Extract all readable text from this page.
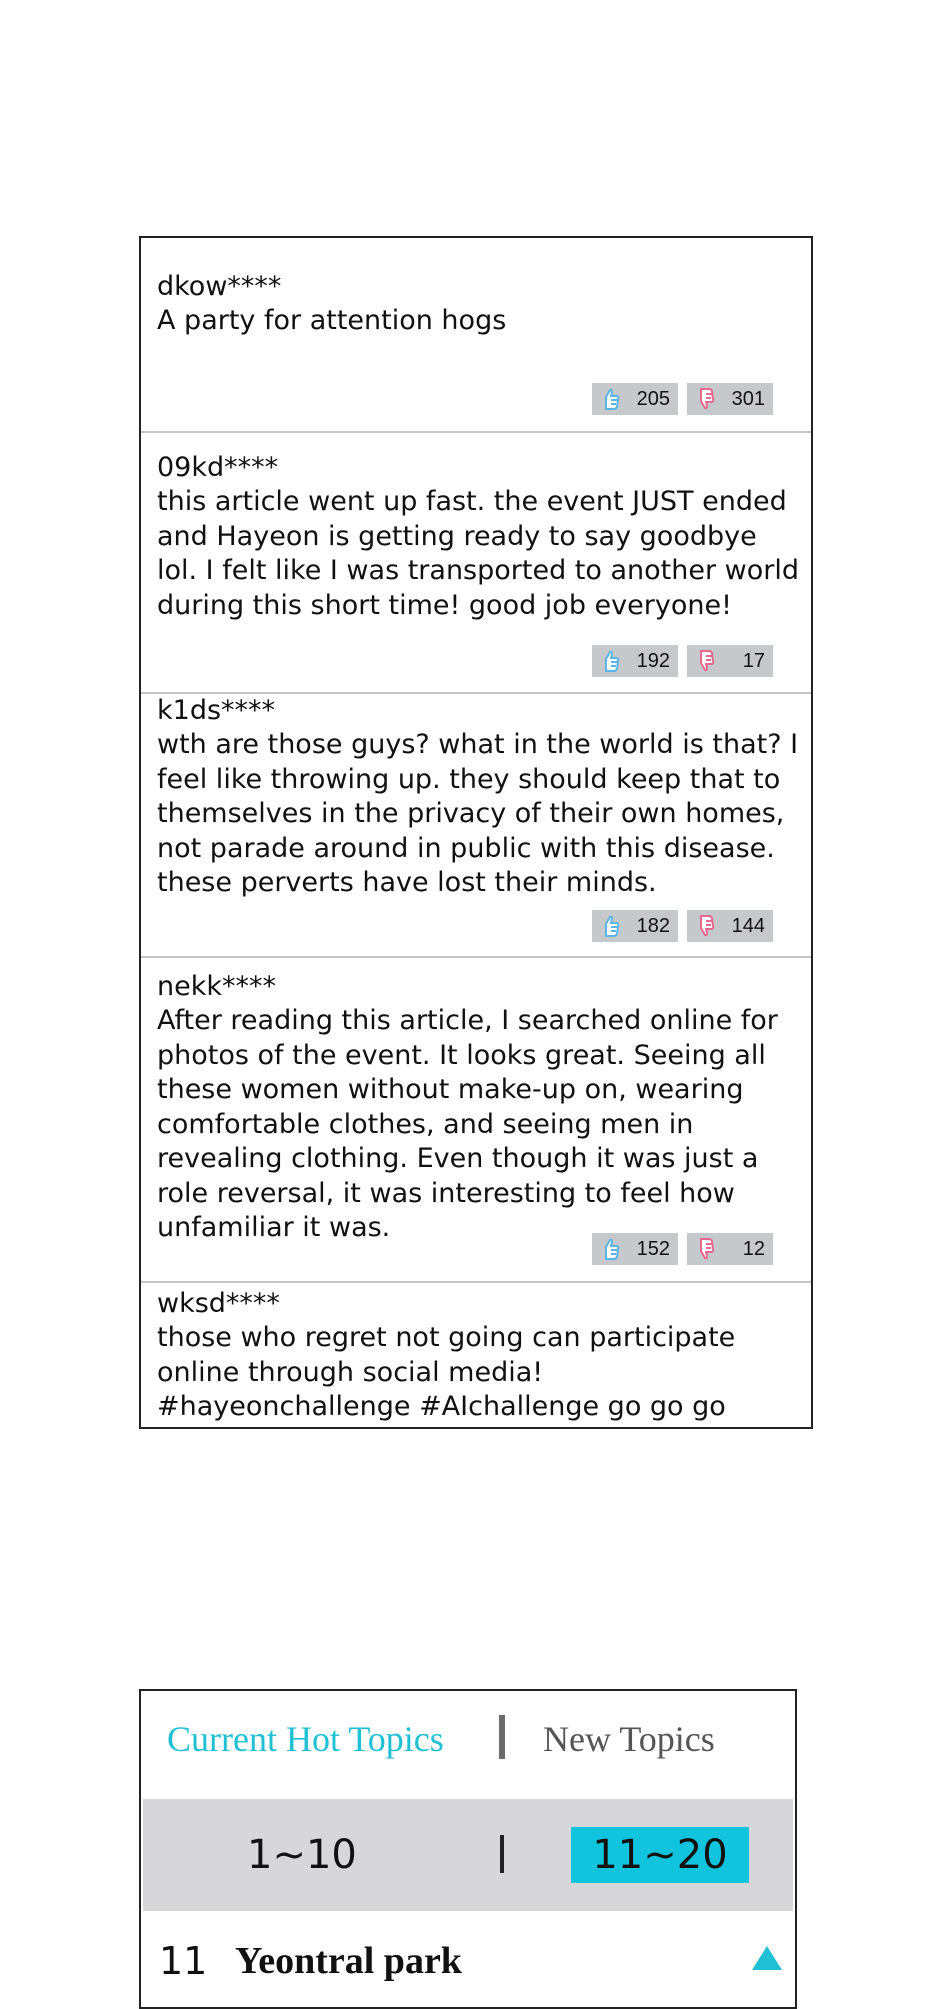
dkow****
A party for attention hogs
205	301
09kd****
this article went up fast. the event JUST ended and Hayeon is getting ready to say goodbye lol. I felt like I was transported to another world during this short time! good job everyone!
192	17
k1ds****
wth are those guys? what in the world is that? I feel like throwing up. they should keep that to themselves in the privacy of their own homes, not parade around in public with this disease. these perverts have lost their minds.
182	144
nekk****
After reading this article, I searched online for photos of the event. It looks great. Seeing all these women without make-up on, wearing comfortable clothes, and seeing men in revealing clothing. Even though it was just a role reversal, it was interesting to feel how unfamiliar it was.
152	12
wksd****
those who regret not going can participate online through social media! #hayeonchallenge #AIchallenge go go go
Current Hot Topics	New Topics
1~10	11~20
11 Yeontral park
